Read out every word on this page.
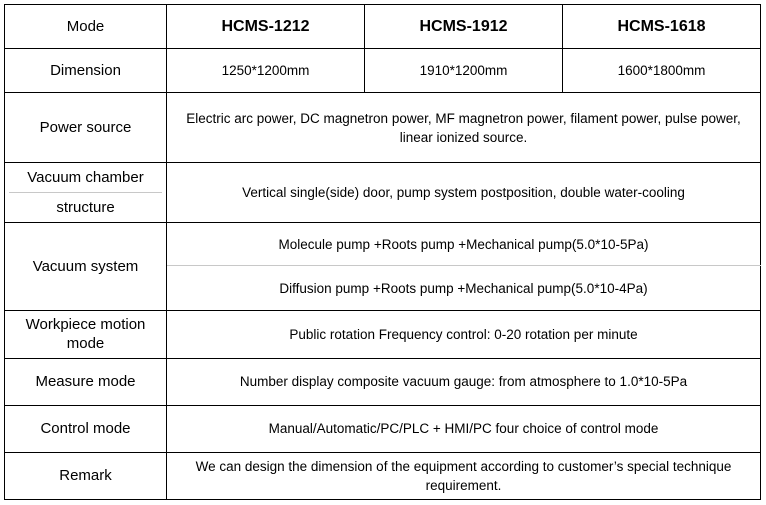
Mode	HCMS-1212	HCMS-1912	HCMS-1618
Dimension	1250*1200mm	1910*1200mm	1600*1800mm
Power source	Electric arc power, DC magnetron power, MF magnetron power, filament power, pulse power,
linear ionized source.		

Vacuum chamber
structure	Vertical single(side) door, pump system postposition, double water-cooling		
Vacuum system	Molecule pump +Roots pump +Mechanical pump(5.0*10-5Pa)		
	Diffusion pump +Roots pump +Mechanical pump(5.0*10-4Pa)		

Workpiece motion
mode	Public rotation Frequency control: 0-20 rotation per minute		
Measure mode	Number display composite vacuum gauge: from atmosphere to 1.0*10-5Pa		
Control mode	Manual/Automatic/PC/PLC + HMI/PC four choice of control mode		
Remark	We can design the dimension of the equipment according to customer’s special technique
requirement.		
